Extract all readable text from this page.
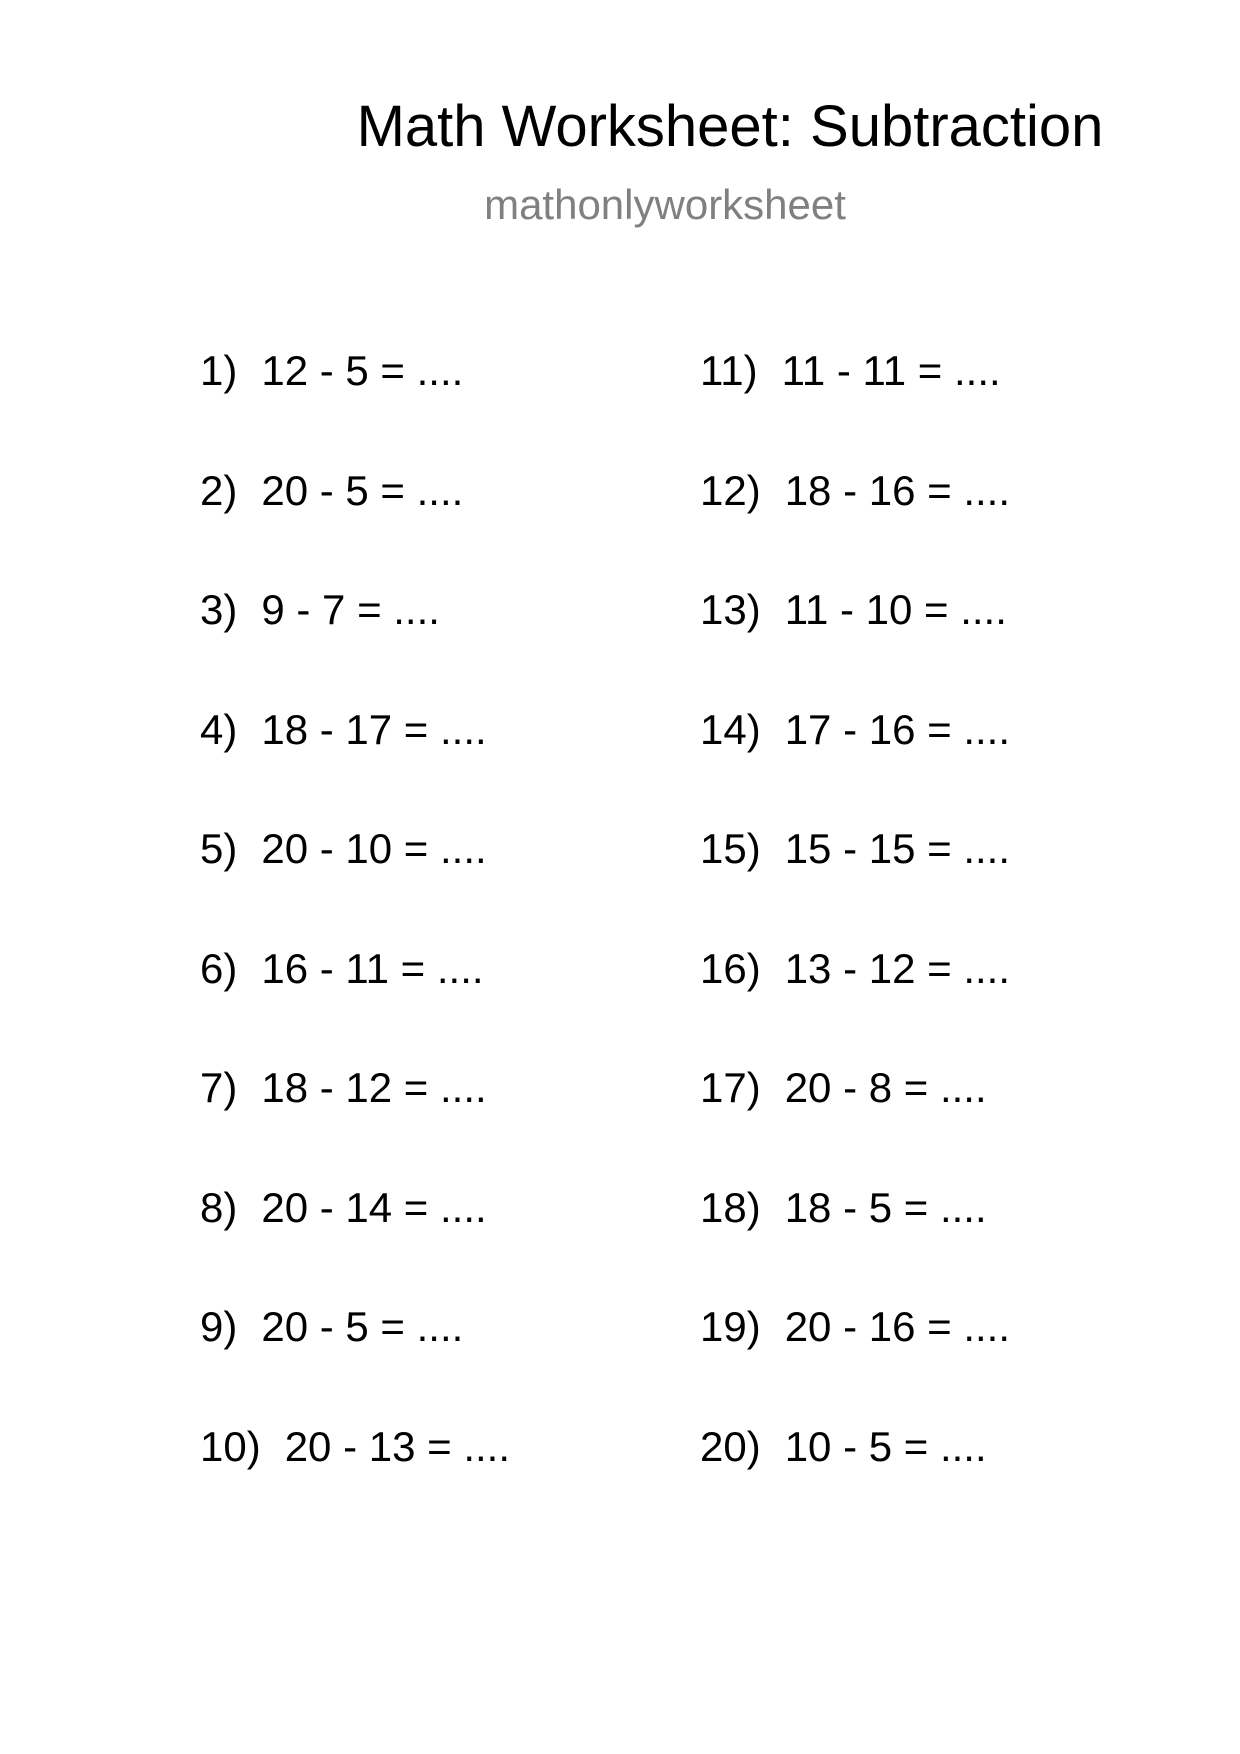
Math Worksheet: Subtraction
mathonlyworksheet
1) 12 - 5 = ....
2) 20 - 5 = ....
3) 9 - 7 = ....
4) 18 - 17 = ....
5) 20 - 10 = ....
6) 16 - 11 = ....
7) 18 - 12 = ....
8) 20 - 14 = ....
9) 20 - 5 = ....
10) 20 - 13 = ....
11) 11 - 11 = ....
12) 18 - 16 = ....
13) 11 - 10 = ....
14) 17 - 16 = ....
15) 15 - 15 = ....
16) 13 - 12 = ....
17) 20 - 8 = ....
18) 18 - 5 = ....
19) 20 - 16 = ....
20) 10 - 5 = ....
